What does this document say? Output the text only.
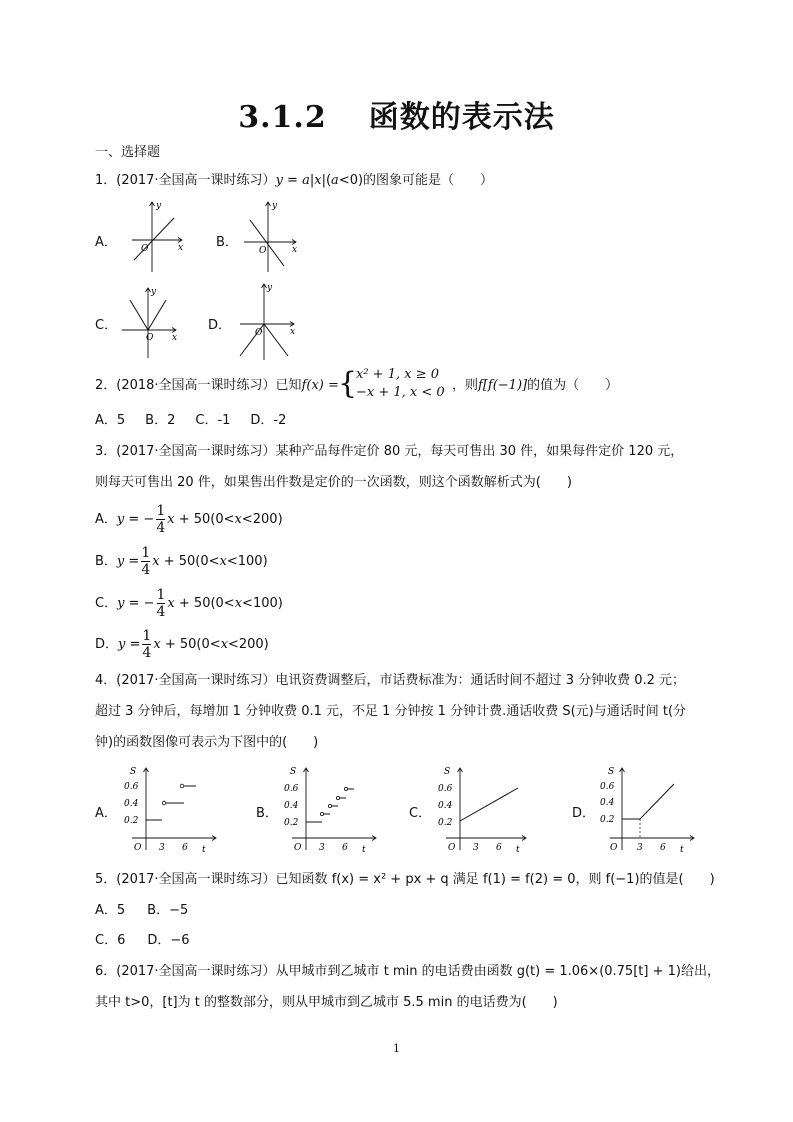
3.1.2 函数的表示法
一、选择题
1．(2017·全国高一课时练习）y = a|x|(a<0)的图象可能是（　　）
A．
y
x
O	B．
y
x
O
C．
y
x
O
D．
y
x
O
2．(2018·全国高一课时练习）已知f(x) = {
x² + 1, x ≥ 0
−x + 1, x < 0 ，则f[f(−1)]的值为（　　）
A．5 B．2 C．-1 D．-2
3．(2017·全国高一课时练习）某种产品每件定价 80 元，每天可售出 30 件，如果每件定价 120 元，
则每天可售出 20 件，如果售出件数是定价的一次函数，则这个函数解析式为(　　)
A．y = − $\frac{1}{4}$ x + 50(0<x<200)
B．$y = \frac{1}{4}$ x + 50(0<x<100)
C．y = − $\frac{1}{4}$ x + 50(0<x<100)
D．$y = \frac{1}{4}$ x + 50(0<x<200)
4．(2017·全国高一课时练习）电讯资费调整后，市话费标准为：通话时间不超过 3 分钟收费 0.2 元；
超过 3 分钟后，每增加 1 分钟收费 0.1 元，不足 1 分钟按 1 分钟计费.通话收费 S(元)与通话时间 t(分
钟)的函数图像可表示为下图中的(　　)
A．
S
0.6
0.4
0.2
O 3 6 t
B．
S
0.6
0.4
0.2
O 3 6 t
C．
S
0.6
0.4
0.2
O 3 6 t
D．
S
0.6
0.4
0.2
O 3 6 t
5．(2017·全国高一课时练习）已知函数 f(x) = x² + px + q 满足 f(1) = f(2) = 0，则 f(−1)的值是(　　)
A．5 B．−5
C．6 D．−6
6．(2017·全国高一课时练习）从甲城市到乙城市 t min 的电话费由函数 g(t) = 1.06×(0.75[t] + 1)给出，
其中 t>0，[t]为 t 的整数部分，则从甲城市到乙城市 5.5 min 的电话费为(　　)
1
